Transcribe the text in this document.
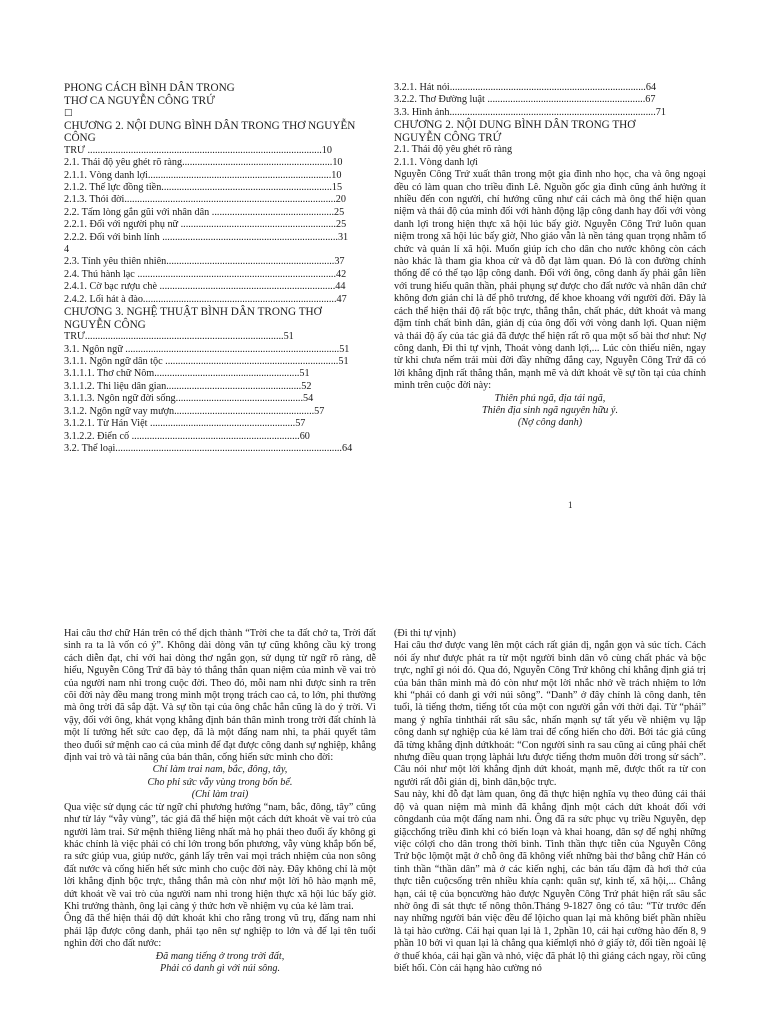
PHONG CÁCH BÌNH DÂN TRONG

THƠ CA NGUYỄN CÔNG TRỨ

□

CHƯƠNG 2. NỘI DUNG BÌNH DÂN TRONG THƠ NGUYỄN

CÔNG

TRỨ ............................................................................................10

2.1. Thái độ yêu ghét rõ ràng...........................................................10

2.1.1. Vòng danh lợi........................................................................10

2.1.2. Thế lực đồng tiền...................................................................15

2.1.3. Thói đời...................................................................................20

2.2. Tấm lòng gắn gũi với nhân dân ................................................25

2.2.1. Đối với người phụ nữ .............................................................25

2.2.2. Đối với binh lính .....................................................................31

4

2.3. Tính yêu thiên nhiên..................................................................37

2.4. Thú hành lạc ..............................................................................42

2.4.1. Cờ bạc rượu chè .....................................................................44

2.4.2. Lối hát à đào............................................................................47

CHƯƠNG 3. NGHỆ THUẬT BÌNH DÂN TRONG THƠ

NGUYỄN CÔNG

TRỨ..............................................................................51

3.1. Ngôn ngữ ....................................................................................51

3.1.1. Ngôn ngữ dân tộc ....................................................................51

3.1.1.1. Thơ chữ Nôm.........................................................51

3.1.1.2. Thi liệu dân gian.....................................................52

3.1.1.3. Ngôn ngữ đời sống..................................................54

3.1.2. Ngôn ngữ vay mượn.......................................................57

3.1.2.1. Từ Hán Việt .........................................................57

3.1.2.2. Điển cố ..................................................................60

3.2. Thể loại.........................................................................................64

3.2.1. Hát nói.............................................................................64

3.2.2. Thơ Đường luật ..............................................................67

3.3. Hình ảnh.................................................................................71

CHƯƠNG 2. NỘI DUNG BÌNH DÂN TRONG THƠ

NGUYỄN CÔNG TRỨ

2.1. Thái độ yêu ghét rõ ràng

2.1.1. Vòng danh lợi

Nguyễn Công Trứ xuất thân trong một gia đình nho học, cha và ông ngoại đều có làm quan cho triều đình Lê. Nguồn gốc gia đình cũng ảnh hưởng ít nhiều đến con người, chí hướng cũng như cái cách mà ông thể hiện quan niệm và thái độ của mình đối với hành động lập công danh hay đối với vòng danh lợi trong hiện thực xã hội lúc bấy giờ. Nguyễn Công Trứ luôn quan niệm trong xã hội lúc bấy giờ, Nho giáo vẫn là nền tảng quan trọng nhằm tổ chức và quản lí xã hội. Muốn giúp ích cho dân cho nước không còn cách nào khác là tham gia khoa cử và đỗ đạt làm quan. Đó là con đường chính thống để có thể tạo lập công danh. Đối với ông, công danh ấy phải gắn liền với trung hiếu quân thần, phải phụng sự được cho đất nước và nhân dân chứ không đơn giản chỉ là để phô trương, để khoe khoang với người đời. Đây là cách thể hiện thái độ rất bộc trực, thẳng thắn, chất phác, dứt khoát và mang đậm tính chất bình dân, giản dị của ông đối với vòng danh lợi. Quan niệm và thái độ ấy của tác giả đã được thể hiện rất rõ qua một số bài thơ như: Nợ công danh, Đi thi tự vịnh, Thoát vòng danh lợi,... Lúc còn thiếu niên, ngay từ khi chưa nếm trải mùi đời đầy những đắng cay, Nguyễn Công Trứ đã có lời khẳng định rất thẳng thắn, mạnh mẽ và dứt khoát về sự tồn tại của chính mình trên cuộc đời này:

Thiên phú ngã, địa tái ngã,

Thiên địa sinh ngã nguyên hữu ý.

(Nợ công danh)

1

Hai câu thơ chữ Hán trên có thể dịch thành “Trời che ta đất chở ta, Trời đất sinh ra ta là vốn có ý”. Không dài dòng văn tự cũng không cầu kỳ trong cách diễn đạt, chỉ với hai dòng thơ ngắn gọn, sử dụng từ ngữ rõ ràng, dễ hiểu, Nguyễn Công Trứ đã bày tỏ thẳng thắn quan niệm của mình về vai trò của người nam nhi trong cuộc đời. Theo đó, mỗi nam nhi được sinh ra trên cõi đời này đều mang trong mình một trọng trách cao cả, to lớn, phi thường mà ông trời đã sắp đặt. Và sự tồn tại của ông chắc hẳn cũng là do ý trời. Vì vậy, đối với ông, khát vọng khẳng định bản thân mình trong trời đất chính là một lí tưởng hết sức cao đẹp, đã là một đấng nam nhi, ta phải quyết tâm theo đuổi sứ mệnh cao cả của mình để đạt được công danh sự nghiệp, khẳng định vai trò và tài năng của bản thân, cống hiến sức mình cho đời:

Chí làm trai nam, bắc, đông, tây,

Cho phỉ sức vẫy vùng trong bốn bể.

(Chí làm trai)

Qua việc sử dụng các từ ngữ chỉ phương hướng “nam, bắc, đông, tây” cũng như từ láy “vẫy vùng”, tác giả đã thể hiện một cách dứt khoát về vai trò của người làm trai. Sứ mệnh thiêng liêng nhất mà họ phải theo đuổi ấy không gì khác chính là việc phải có chí lớn trong bốn phương, vẫy vùng khắp bốn bể, ra sức giúp vua, giúp nước, gánh lấy trên vai mọi trách nhiệm của non sông đất nước và cống hiến hết sức mình cho cuộc đời này. Đây không chỉ là một lời khẳng định bộc trực, thẳng thắn mà còn như một lời hô hào mạnh mẽ, dứt khoát về vai trò của người nam nhi trong hiện thực xã hội lúc bấy giờ. Khi trưởng thành, ông lại càng ý thức hơn về nhiệm vụ của kẻ làm trai.

Ông đã thể hiện thái độ dứt khoát khi cho rằng trong vũ trụ, đấng nam nhi phải lập được công danh, phải tạo nên sự nghiệp to lớn và để lại tên tuổi nghìn đời cho đất nước:

Đã mang tiếng ở trong trời đất,

Phải có danh gì với núi sông.

(Đi thi tự vịnh)

Hai câu thơ được vang lên một cách rất giản dị, ngắn gọn và súc tích. Cách nói ấy như được phát ra từ một người bình dân vô cùng chất phác và bộc trực, nghĩ gì nói đó. Qua đó, Nguyễn Công Trứ không chỉ khẳng định giá trị của bản thân mình mà đó còn như một lời nhắc nhở về trách nhiệm to lớn khi “phải có danh gì với núi sông”. “Danh” ở đây chính là công danh, tên tuổi, là tiếng thơm, tiếng tốt của một con người gắn với thời đại. Từ “phải” mang ý nghĩa tinhthái rất sâu sắc, nhấn mạnh sự tất yếu về nhiệm vụ lập công danh sự nghiệp của kẻ làm trai để cống hiến cho đời. Bởi tác giả cũng đã từng khẳng định dứtkhoát: “Con người sinh ra sau cũng ai cũng phải chết nhưng điều quan trọng làphải lưu được tiếng thơm muôn đời trong sử sách”. Câu nói như một lời khẳng định dứt khoát, mạnh mẽ, được thốt ra từ con người rất đỗi giản dị, bình dân,bộc trực.

Sau này, khi đỗ đạt làm quan, ông đã thực hiện nghĩa vụ theo đúng cái thái độ và quan niệm mà mình đã khẳng định một cách dứt khoát đối với côngdanh của một đấng nam nhi. Ông đã ra sức phục vụ triều Nguyễn, dẹp giặcchống triều đình khi có biến loạn và khai hoang, dân sợ để nghị những việc cólợi cho dân trong thời bình. Tinh thần thực tiễn của Nguyễn Công Trứ bộc lộmột mặt ở chỗ ông đã không viết những bài thơ bằng chữ Hán có tinh thần “thần dân” mà ở các kiến nghị, các bản tấu đậm đà hơi thở của thực tiễn cuộcsống trên nhiều khía cạnh: quân sự, kinh tế, xã hội,... Chẳng hạn, cái tệ của bọncường hào được Nguyễn Công Trứ phát hiện rất sâu sắc nhờ ông đi sát thực tế nông thôn.Tháng 9-1827 ông có tâu: “Từ trước đến nay những người bản việc đều để lộicho quan lại mà không biết phần nhiều là tại hào cường. Cái hại quan lại là 1, 2phần 10, cái hại cường hào đến 8, 9 phần 10 bởi vì quan lại là chẳng qua kiếmlợi nhỏ ở giấy tờ, đối tiền ngoài lệ ở thuế khóa, cái hại gần và nhỏ, việc đã phát lộ thì giáng cách ngay, rồi cũng biết hối. Còn cái hạng hào cường nó
